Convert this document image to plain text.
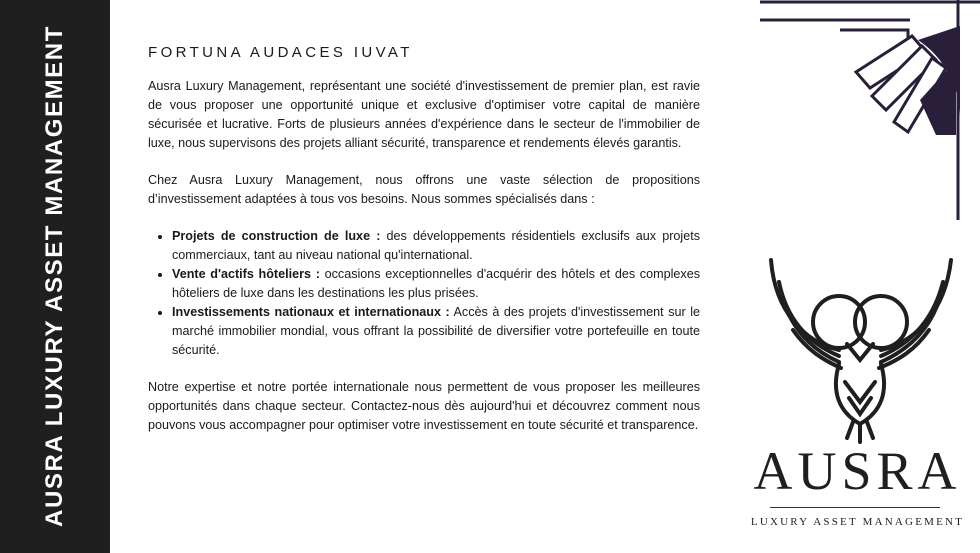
AUSRA LUXURY ASSET MANAGEMENT	FORTUNA AUDACES IUVAT

Ausra Luxury Management, représentant une société d'investissement de premier plan, est ravie de vous proposer une opportunité unique et exclusive d'optimiser votre capital de manière sécurisée et lucrative. Forts de plusieurs années d'expérience dans le secteur de l'immobilier de luxe, nous supervisons des projets alliant sécurité, transparence et rendements élevés garantis.

Chez Ausra Luxury Management, nous offrons une vaste sélection de propositions d’investissement adaptées à tous vos besoins. Nous sommes spécialisés dans :

• Projets de construction de luxe : des développements résidentiels exclusifs aux projets commerciaux, tant au niveau national qu'international.
• Vente d'actifs hôteliers : occasions exceptionnelles d'acquérir des hôtels et des complexes hôteliers de luxe dans les destinations les plus prisées.
• Investissements nationaux et internationaux : Accès à des projets d'investissement sur le marché immobilier mondial, vous offrant la possibilité de diversifier votre portefeuille en toute sécurité.

Notre expertise et notre portée internationale nous permettent de vous proposer les meilleures opportunités dans chaque secteur. Contactez-nous dès aujourd'hui et découvrez comment nous pouvons vous accompagner pour optimiser votre investissement en toute sécurité et transparence.

AUSRA
LUXURY ASSET MANAGEMENT
